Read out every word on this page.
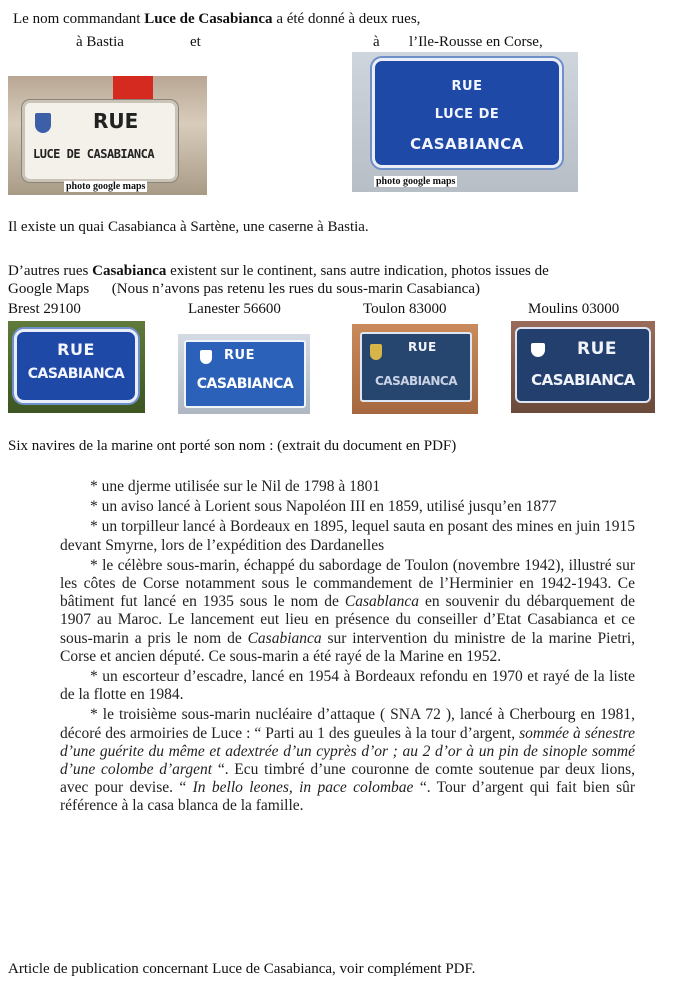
Le nom commandant Luce de Casabianca a été donné à deux rues,
à Bastia	et	à l’Ile-Rousse en Corse,
RUE
LUCE DE CASABIANCA
photo google maps
RUE
LUCE DE
CASABIANCA
photo google maps
Il existe un quai Casabianca à Sartène, une caserne à Bastia.
D’autres rues Casabianca existent sur le continent, sans autre indication, photos issues de
Google Maps      (Nous n’avons pas retenu les rues du sous-marin Casabianca)
Brest 29100	Lanester 56600	Toulon 83000	Moulins 03000
RUE
CASABIANCA
RUE
CASABIANCA
RUE
CASABIANCA
RUE
CASABIANCA
Six navires de la marine ont porté son nom : (extrait du document en PDF)

* une djerme utilisée sur le Nil de 1798 à 1801

* un aviso lancé à Lorient sous Napoléon III en 1859, utilisé jusqu’en 1877

* un torpilleur lancé à Bordeaux en 1895, lequel sauta en posant des mines en juin 1915 devant Smyrne, lors de l’expédition des Dardanelles

* le célèbre sous-marin, échappé du sabordage de Toulon (novembre 1942), illustré sur les côtes de Corse notamment sous le commandement de l’Herminier en 1942-1943. Ce bâtiment fut lancé en 1935 sous le nom de Casablanca en souvenir du débarquement de 1907 au Maroc. Le lancement eut lieu en présence du conseiller d’Etat Casabianca et ce sous-marin a pris le nom de Casabianca sur intervention du ministre de la marine Pietri, Corse et ancien député. Ce sous-marin a été rayé de la Marine en 1952.

* un escorteur d’escadre, lancé en 1954 à Bordeaux refondu en 1970 et rayé de la liste de la flotte en 1984.

* le troisième sous-marin nucléaire d’attaque ( SNA 72 ), lancé à Cherbourg en 1981, décoré des armoiries de Luce : “ Parti au 1 des gueules à la tour d’argent, sommée à sénestre d’une guérite du même et adextrée d’un cyprès d’or ; au 2 d’or à un pin de sinople sommé d’une colombe d’argent “. Ecu timbré d’une couronne de comte soutenue par deux lions, avec pour devise. “ In bello leones, in pace colombae “. Tour d’argent qui fait bien sûr référence à la casa blanca de la famille.

Article de publication concernant Luce de Casabianca, voir complément PDF.
